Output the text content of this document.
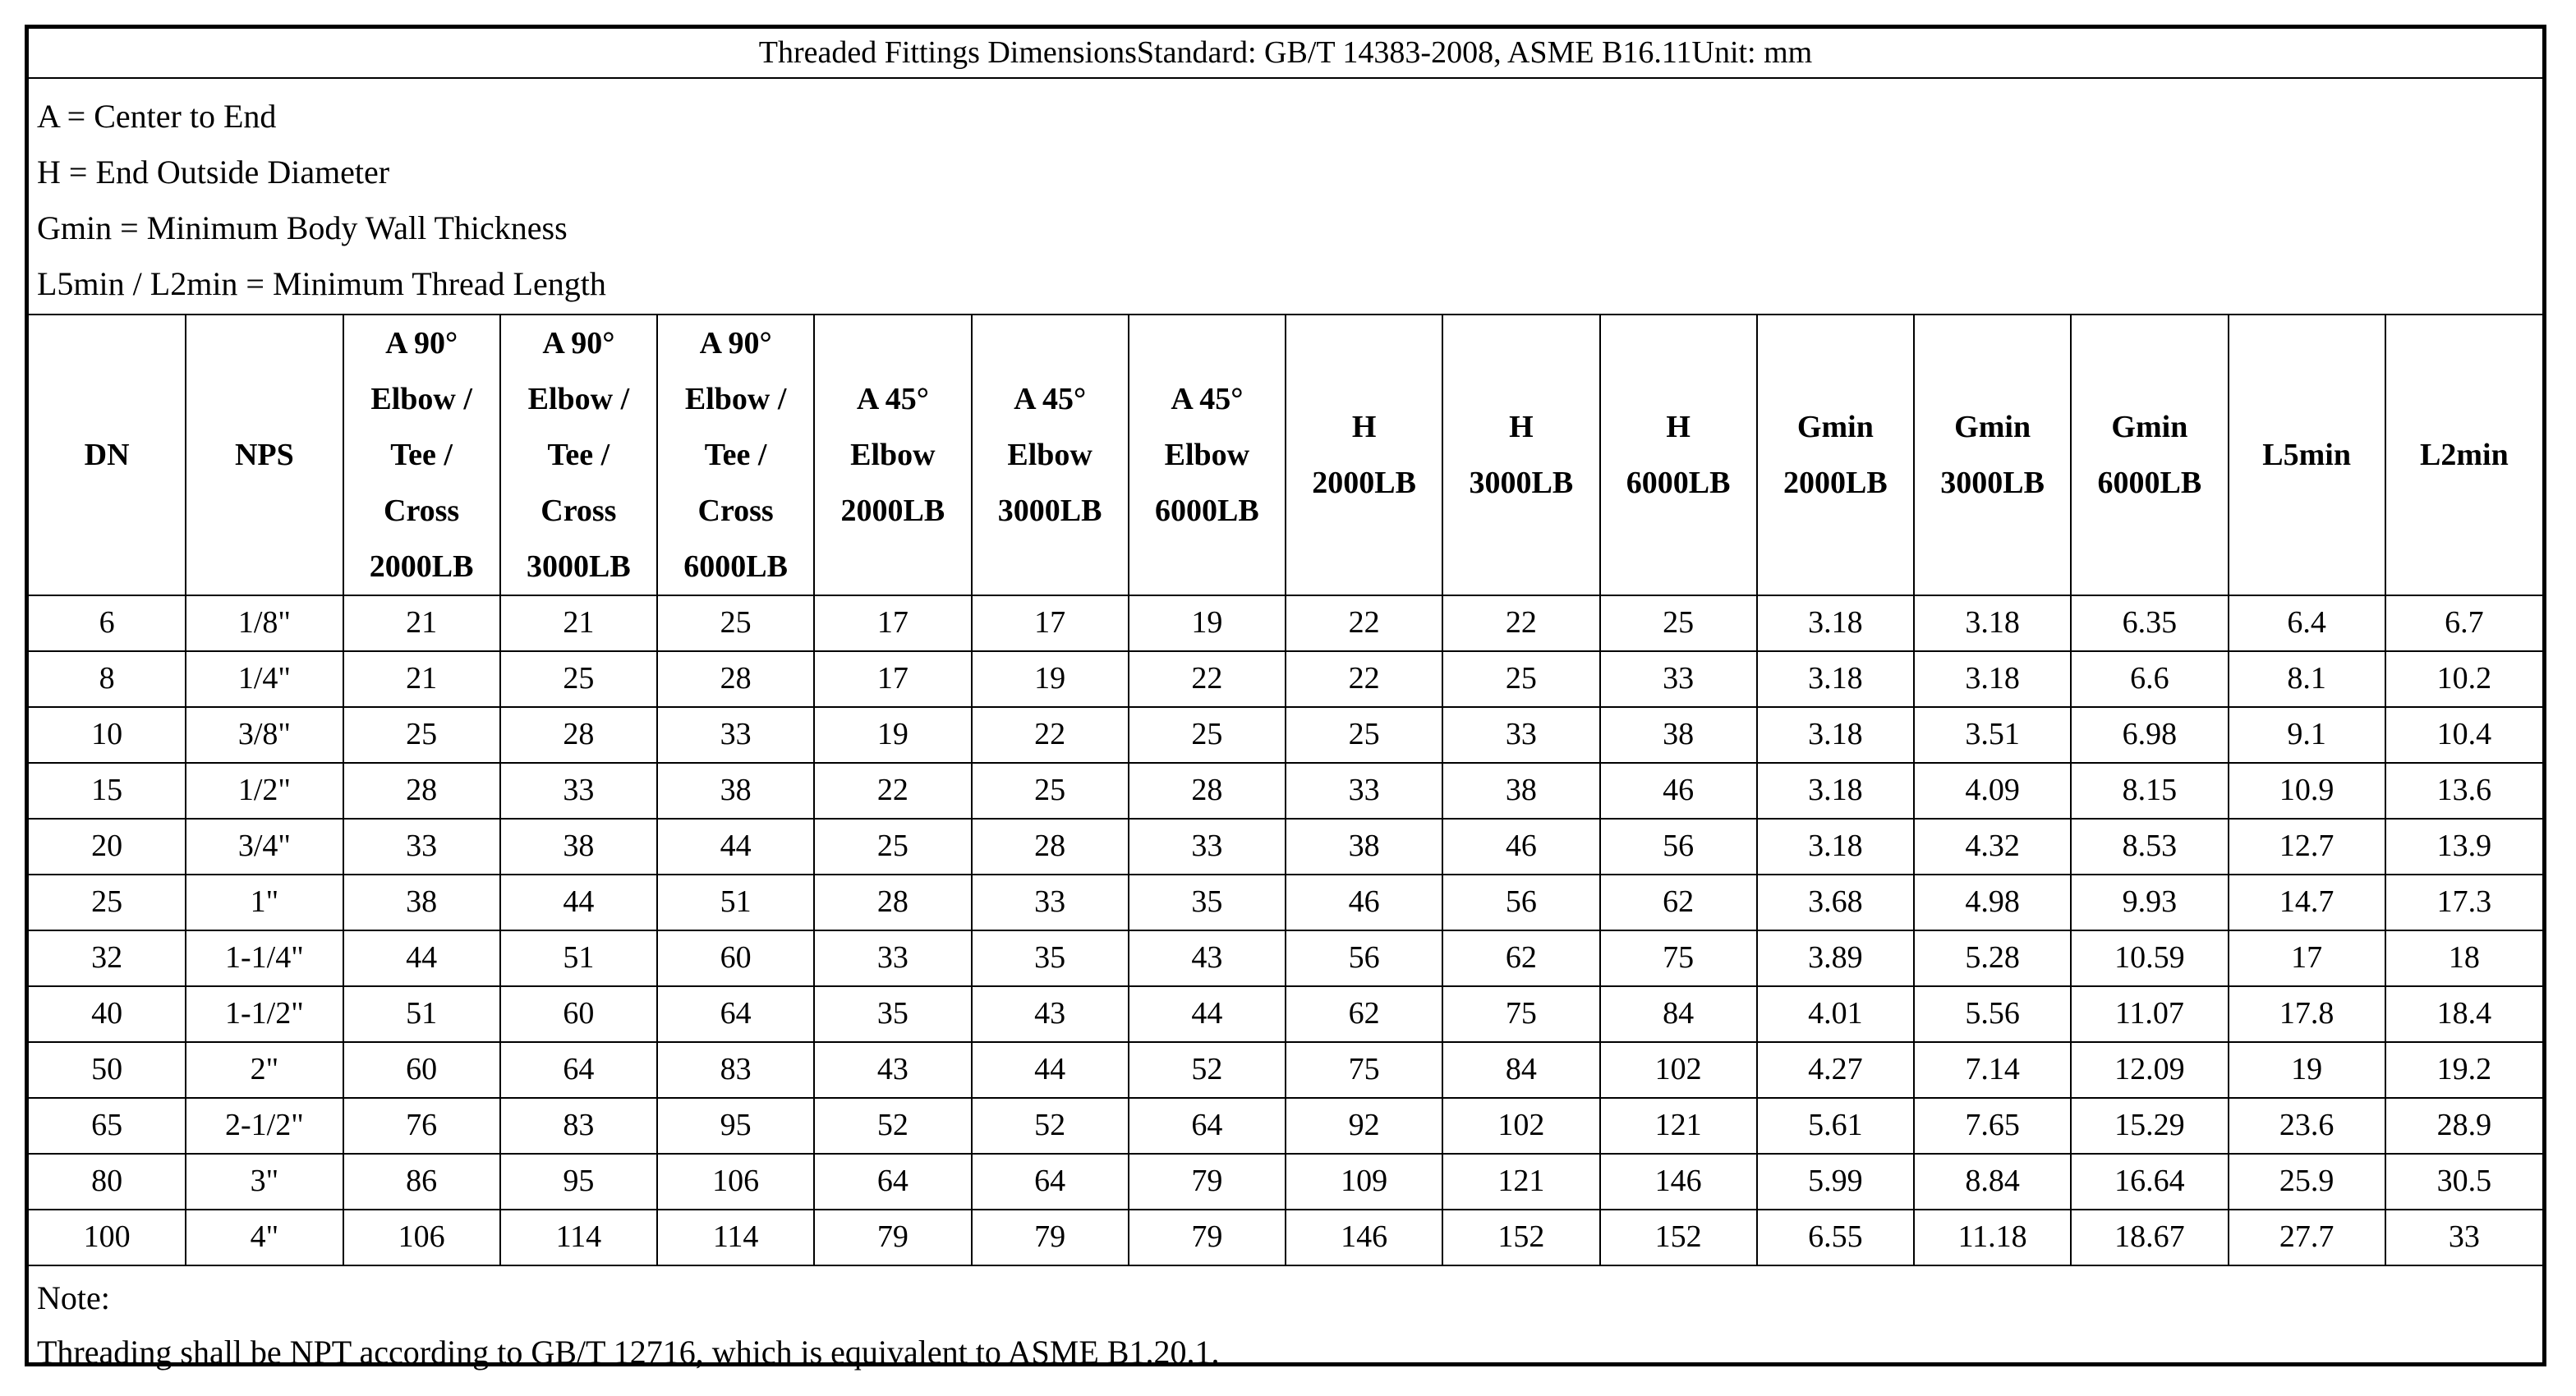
Threaded Fittings DimensionsStandard: GB/T 14383-2008, ASME B16.11Unit: mm															

A = Center to End
H = End Outside Diameter
Gmin = Minimum Body Wall Thickness
L5min / L2min = Minimum Thread Length															

DN	NPS	A 90°
Elbow /
Tee /
Cross
2000LB	A 90°
Elbow /
Tee /
Cross
3000LB	A 90°
Elbow /
Tee /
Cross
6000LB	A 45°
Elbow
2000LB	A 45°
Elbow
3000LB	A 45°
Elbow
6000LB	H
2000LB	H
3000LB	H
6000LB	Gmin
2000LB	Gmin
3000LB	Gmin
6000LB	L5min	L2min

6	1/8"	21	21	25	17	17	19	22	22	25	3.18	3.18	6.35	6.4	6.7
8	1/4"	21	25	28	17	19	22	22	25	33	3.18	3.18	6.6	8.1	10.2
10	3/8"	25	28	33	19	22	25	25	33	38	3.18	3.51	6.98	9.1	10.4
15	1/2"	28	33	38	22	25	28	33	38	46	3.18	4.09	8.15	10.9	13.6
20	3/4"	33	38	44	25	28	33	38	46	56	3.18	4.32	8.53	12.7	13.9
25	1"	38	44	51	28	33	35	46	56	62	3.68	4.98	9.93	14.7	17.3
32	1-1/4"	44	51	60	33	35	43	56	62	75	3.89	5.28	10.59	17	18
40	1-1/2"	51	60	64	35	43	44	62	75	84	4.01	5.56	11.07	17.8	18.4
50	2"	60	64	83	43	44	52	75	84	102	4.27	7.14	12.09	19	19.2
65	2-1/2"	76	83	95	52	52	64	92	102	121	5.61	7.65	15.29	23.6	28.9
80	3"	86	95	106	64	64	79	109	121	146	5.99	8.84	16.64	25.9	30.5
100	4"	106	114	114	79	79	79	146	152	152	6.55	11.18	18.67	27.7	33

Note:
Threading shall be NPT according to GB/T 12716, which is equivalent to ASME B1.20.1.															
